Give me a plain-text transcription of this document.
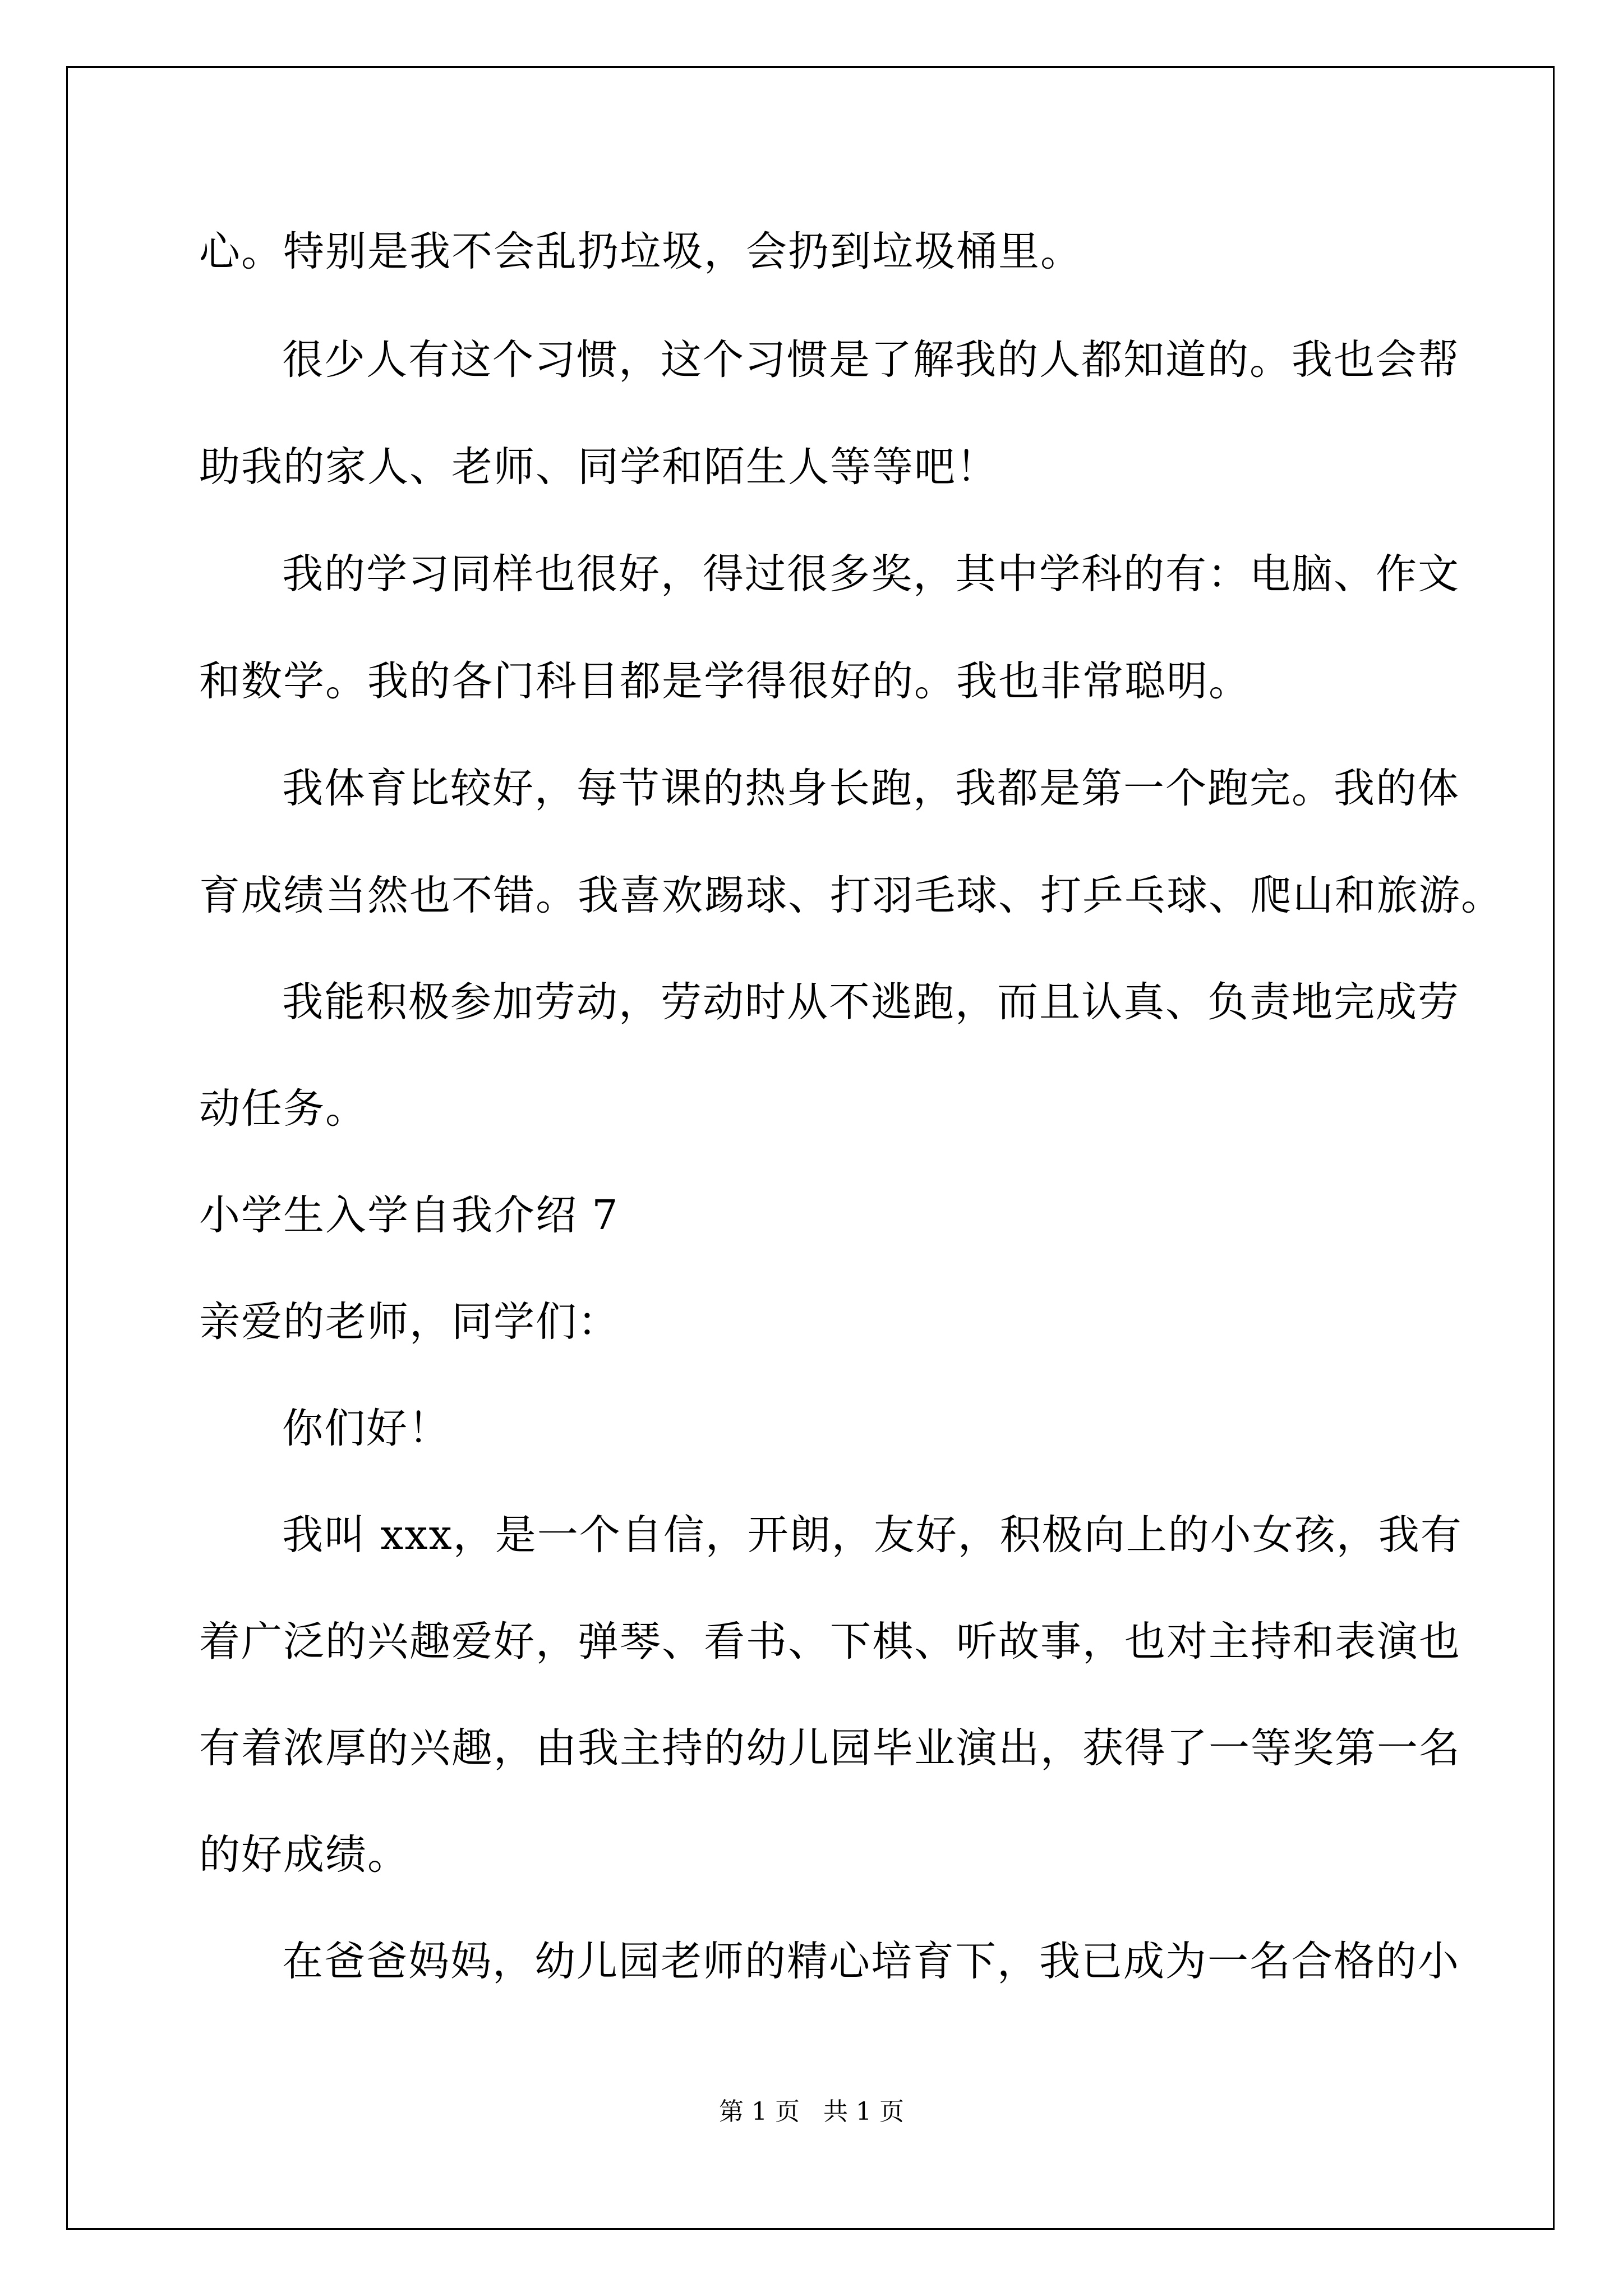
心。特别是我不会乱扔垃圾，会扔到垃圾桶里。
很少人有这个习惯，这个习惯是了解我的人都知道的。我也会帮
助我的家人、老师、同学和陌生人等等吧！
我的学习同样也很好，得过很多奖，其中学科的有：电脑、作文
和数学。我的各门科目都是学得很好的。我也非常聪明。
我体育比较好，每节课的热身长跑，我都是第一个跑完。我的体
育成绩当然也不错。我喜欢踢球、打羽毛球、打乒乓球、爬山和旅游。
我能积极参加劳动，劳动时从不逃跑，而且认真、负责地完成劳
动任务。
小学生入学自我介绍 7
亲爱的老师，同学们：
你们好！
我叫 xxx，是一个自信，开朗，友好，积极向上的小女孩，我有
着广泛的兴趣爱好，弹琴、看书、下棋、听故事，也对主持和表演也
有着浓厚的兴趣，由我主持的幼儿园毕业演出，获得了一等奖第一名
的好成绩。
在爸爸妈妈，幼儿园老师的精心培育下，我已成为一名合格的小
第 1 页   共 1 页
